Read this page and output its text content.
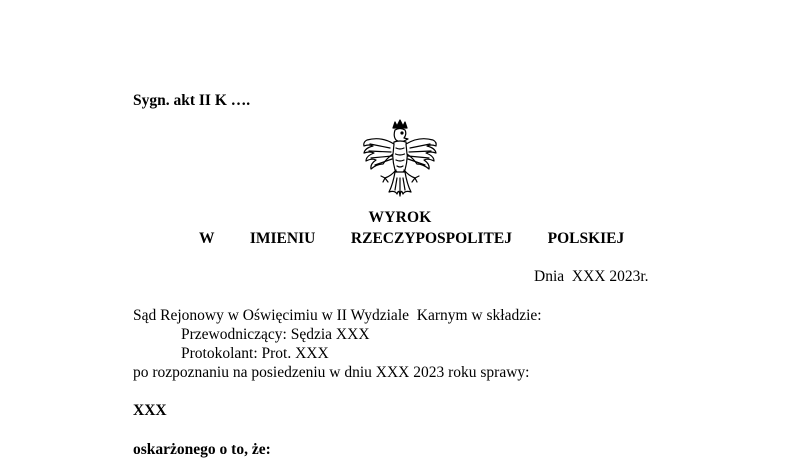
Sygn. akt II K ….
WYROK
W   IMIENIU   RZECZYPOSPOLITEJ   POLSKIEJ
Dnia  XXX 2023r.
Sąd Rejonowy w Oświęcimiu w II Wydziale  Karnym w składzie:
Przewodniczący: Sędzia XXX
Protokolant: Prot. XXX
po rozpoznaniu na posiedzeniu w dniu XXX 2023 roku sprawy:
XXX
oskarżonego o to, że:
